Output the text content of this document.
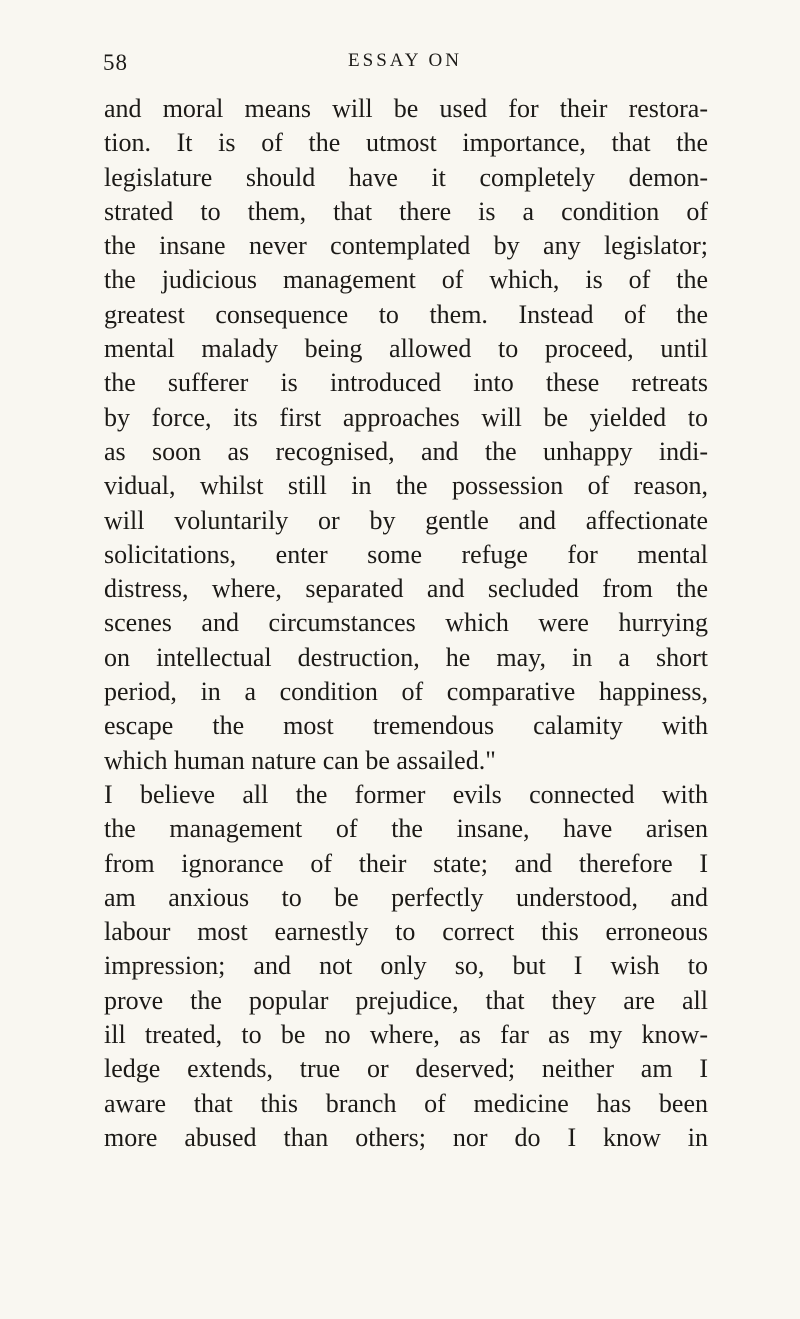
58	ESSAY ON
and moral means will be used for their restora-
tion. It is of the utmost importance, that the
legislature should have it completely demon-
strated to them, that there is a condition of
the insane never contemplated by any legislator;
the judicious management of which, is of the
greatest consequence to them. Instead of the
mental malady being allowed to proceed, until
the sufferer is introduced into these retreats
by force, its first approaches will be yielded to
as soon as recognised, and the unhappy indi-
vidual, whilst still in the possession of reason,
will voluntarily or by gentle and affectionate
solicitations, enter some refuge for mental
distress, where, separated and secluded from the
scenes and circumstances which were hurrying
on intellectual destruction, he may, in a short
period, in a condition of comparative happiness,
escape the most tremendous calamity with
which human nature can be assailed."
I believe all the former evils connected with
the management of the insane, have arisen
from ignorance of their state; and therefore I
am anxious to be perfectly understood, and
labour most earnestly to correct this erroneous
impression; and not only so, but I wish to
prove the popular prejudice, that they are all
ill treated, to be no where, as far as my know-
ledge extends, true or deserved; neither am I
aware that this branch of medicine has been
more abused than others; nor do I know in
